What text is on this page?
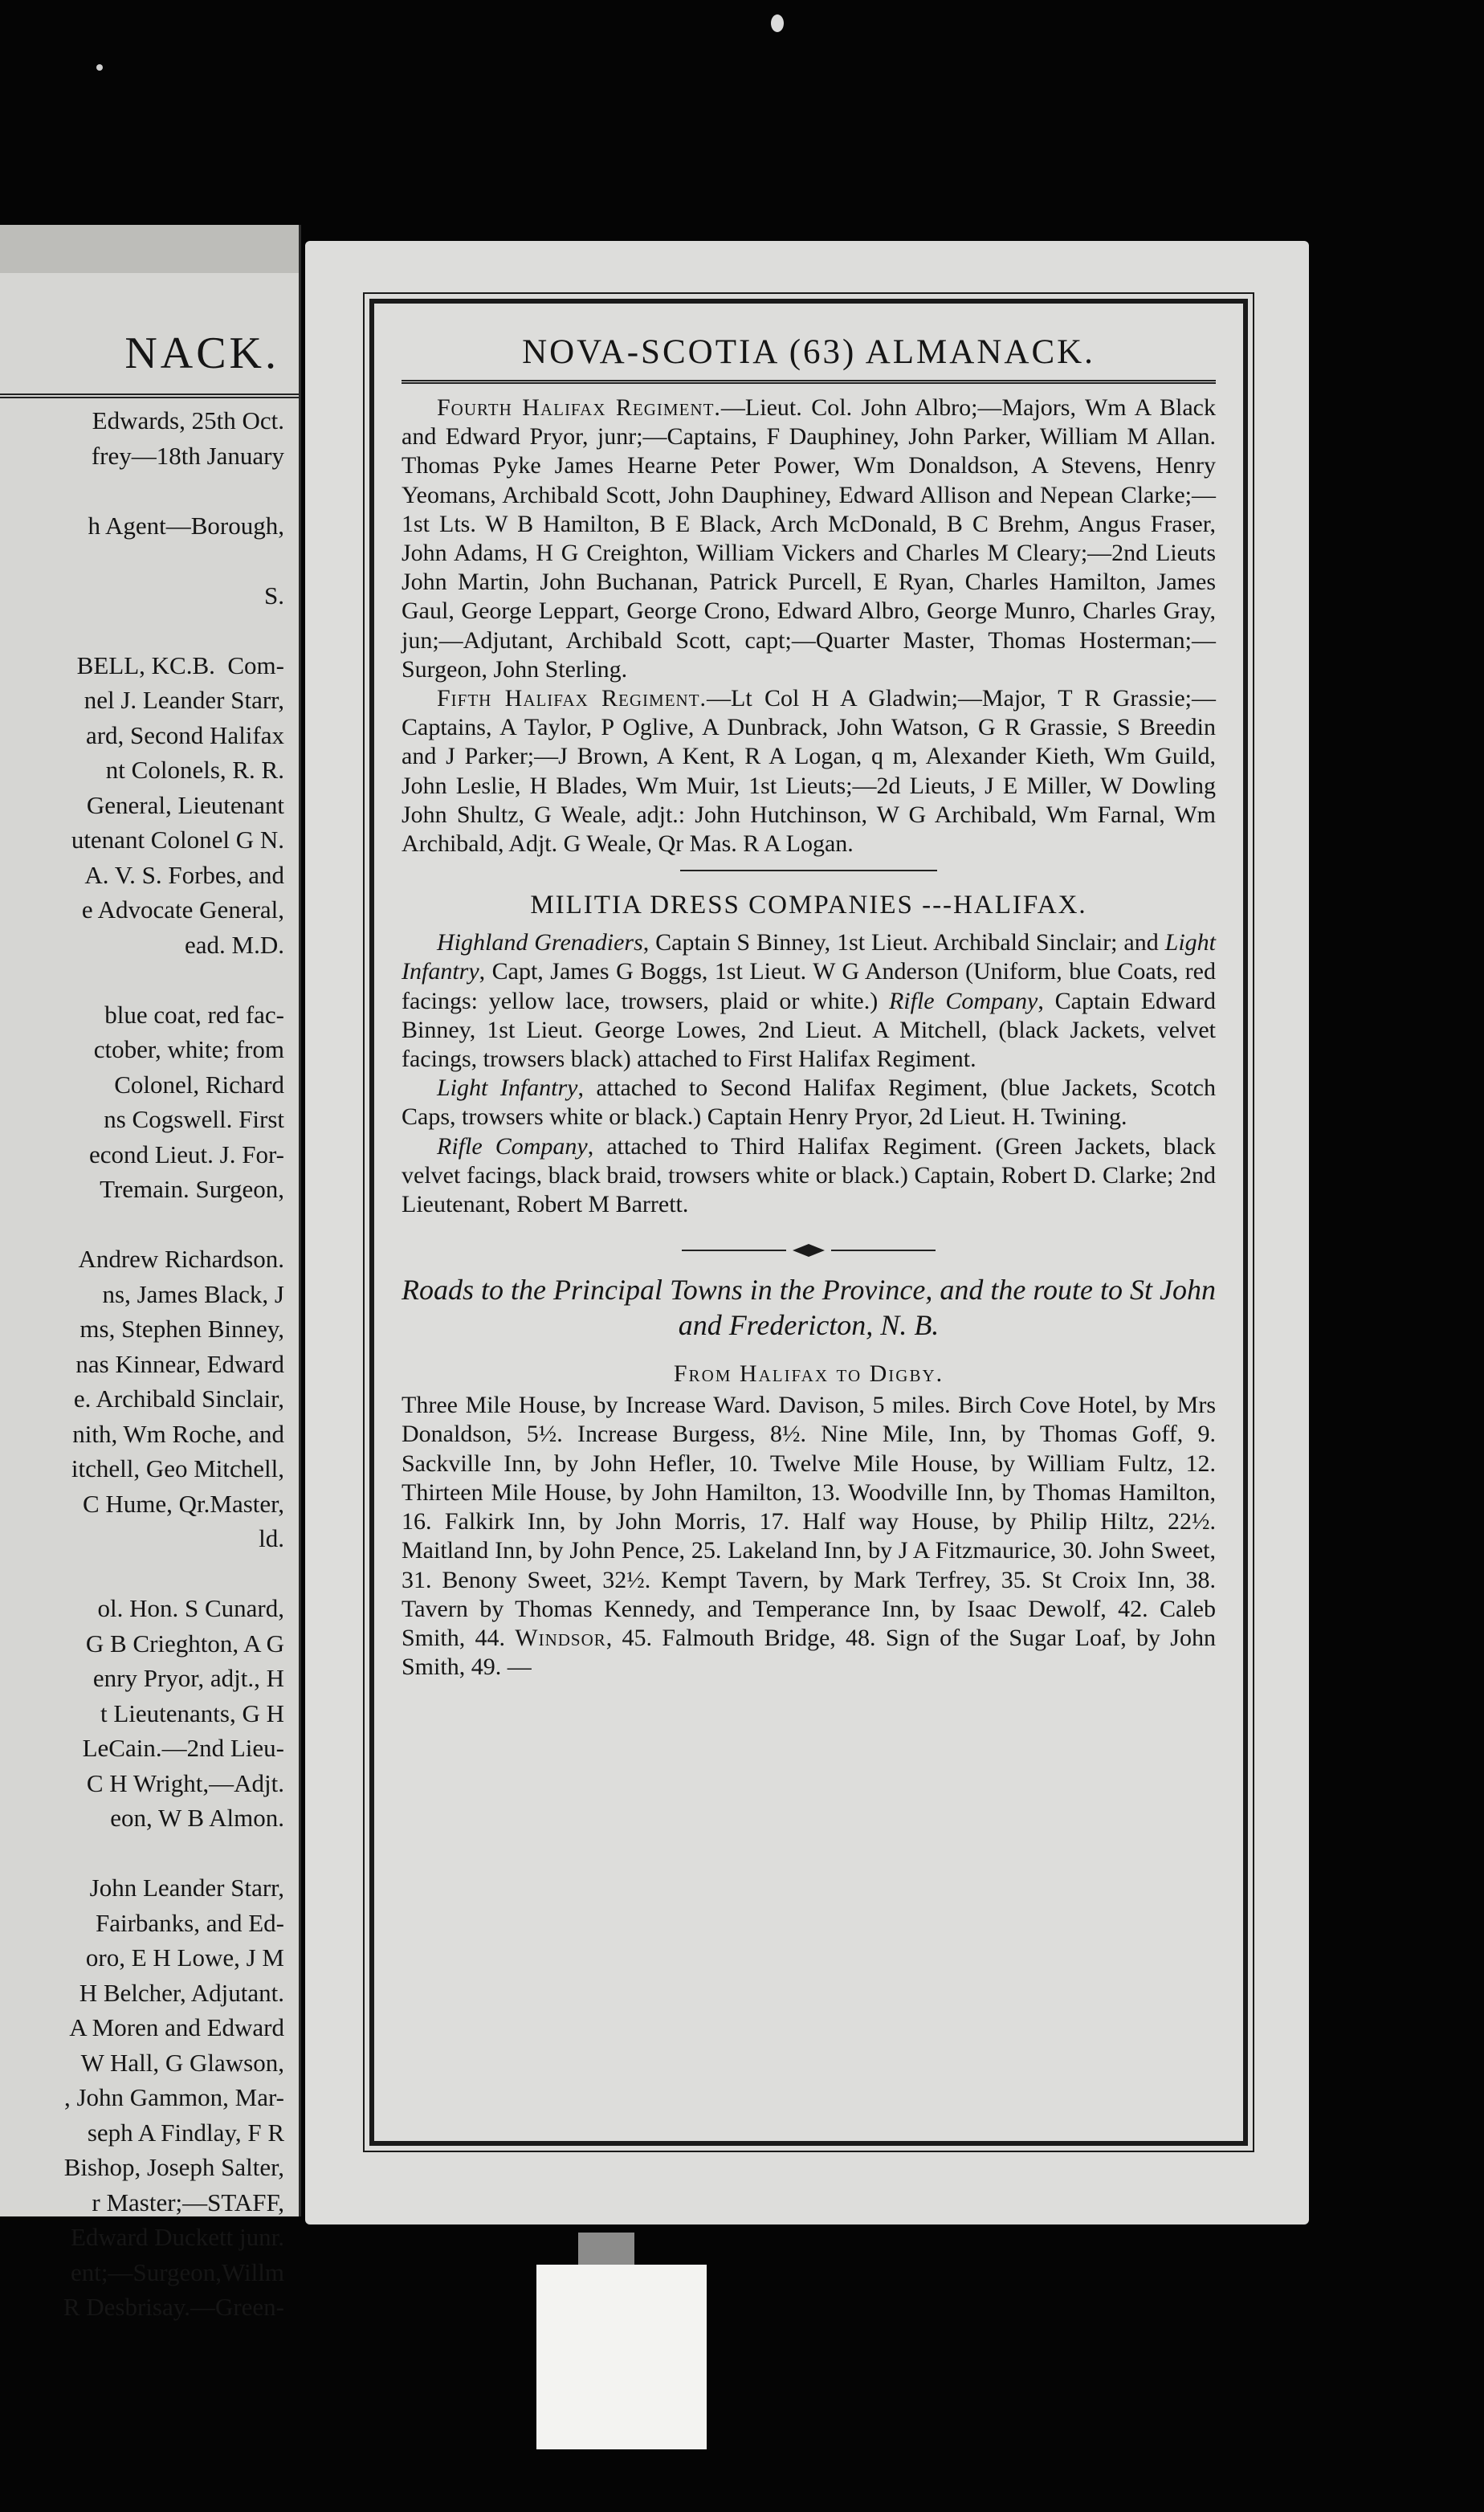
NACK.
Edwards, 25th Oct.
frey—18th January

h Agent—Borough,

S.

BELL, KC.B.  Com-
nel J. Leander Starr,
ard, Second Halifax
nt Colonels, R. R.
General, Lieutenant
utenant Colonel G N.
A. V. S. Forbes, and
e Advocate General,
ead. M.D.

blue coat, red fac-
ctober, white; from
Colonel, Richard
ns Cogswell. First
econd Lieut. J. For-
Tremain. Surgeon,

Andrew Richardson.
ns, James Black, J
ms, Stephen Binney,
nas Kinnear, Edward
e. Archibald Sinclair,
nith, Wm Roche, and
itchell, Geo Mitchell,
C Hume, Qr.Master,
ld.

ol. Hon. S Cunard,
G B Crieghton, A G
enry Pryor, adjt., H
t Lieutenants, G H
LeCain.—2nd Lieu-
C H Wright,—Adjt.
eon, W B Almon.

John Leander Starr,
Fairbanks, and Ed-
oro, E H Lowe, J M
H Belcher, Adjutant.
A Moren and Edward
W Hall, G Glawson,
, John Gammon, Mar-
seph A Findlay, F R
Bishop, Joseph Salter,
r Master;—STAFF,
Edward Duckett junr.
ent;—Surgeon,Willm
R Desbrisay.—Green-
NOVA-SCOTIA (63) ALMANACK.

Fourth Halifax Regiment.—Lieut. Col. John Albro;—Majors, Wm A Black and Edward Pryor, junr;—Captains, F Dauphiney, John Parker, William M Allan. Thomas Pyke James Hearne Peter Power, Wm Donaldson, A Stevens, Henry Yeomans, Archibald Scott, John Dauphiney, Edward Allison and Nepean Clarke;—1st Lts. W B Hamilton, B E Black, Arch McDonald, B C Brehm, Angus Fraser, John Adams, H G Creighton, William Vickers and Charles M Cleary;—2nd Lieuts John Martin, John Buchanan, Patrick Purcell, E Ryan, Charles Hamilton, James Gaul, George Leppart, George Crono, Edward Albro, George Munro, Charles Gray, jun;—Adjutant, Archibald Scott, capt;—Quarter Master, Thomas Hosterman;—Surgeon, John Sterling.

Fifth Halifax Regiment.—Lt Col H A Gladwin;—Major, T R Grassie;—Captains, A Taylor, P Oglive, A Dunbrack, John Watson, G R Grassie, S Breedin and J Parker;—J Brown, A Kent, R A Logan, q m, Alexander Kieth, Wm Guild, John Leslie, H Blades, Wm Muir, 1st Lieuts;—2d Lieuts, J E Miller, W Dowling John Shultz, G Weale, adjt.: John Hutchinson, W G Archibald, Wm Farnal, Wm Archibald, Adjt. G Weale, Qr Mas. R A Logan.

MILITIA DRESS COMPANIES ---HALIFAX.

Highland Grenadiers, Captain S Binney, 1st Lieut. Archibald Sinclair; and Light Infantry, Capt, James G Boggs, 1st Lieut. W G Anderson (Uniform, blue Coats, red facings: yellow lace, trowsers, plaid or white.) Rifle Company, Captain Edward Binney, 1st Lieut. George Lowes, 2nd Lieut. A Mitchell, (black Jackets, velvet facings, trowsers black) attached to First Halifax Regiment.

Light Infantry, attached to Second Halifax Regiment, (blue Jackets, Scotch Caps, trowsers white or black.) Captain Henry Pryor, 2d Lieut. H. Twining.

Rifle Company, attached to Third Halifax Regiment. (Green Jackets, black velvet facings, black braid, trowsers white or black.) Captain, Robert D. Clarke; 2nd Lieutenant, Robert M Barrett.

Roads to the Principal Towns in the Province, and the route to St John and Fredericton, N. B.
From Halifax to Digby.

Three Mile House, by Increase Ward. Davison, 5 miles. Birch Cove Hotel, by Mrs Donaldson, 5½. Increase Burgess, 8½. Nine Mile, Inn, by Thomas Goff, 9. Sackville Inn, by John Hefler, 10. Twelve Mile House, by William Fultz, 12. Thirteen Mile House, by John Hamilton, 13. Woodville Inn, by Thomas Hamilton, 16. Falkirk Inn, by John Morris, 17. Half way House, by Philip Hiltz, 22½. Maitland Inn, by John Pence, 25. Lakeland Inn, by J A Fitzmaurice, 30. John Sweet, 31. Benony Sweet, 32½. Kempt Tavern, by Mark Terfrey, 35. St Croix Inn, 38. Tavern by Thomas Kennedy, and Temperance Inn, by Isaac Dewolf, 42. Caleb Smith, 44. Windsor, 45. Falmouth Bridge, 48. Sign of the Sugar Loaf, by John Smith, 49. —
